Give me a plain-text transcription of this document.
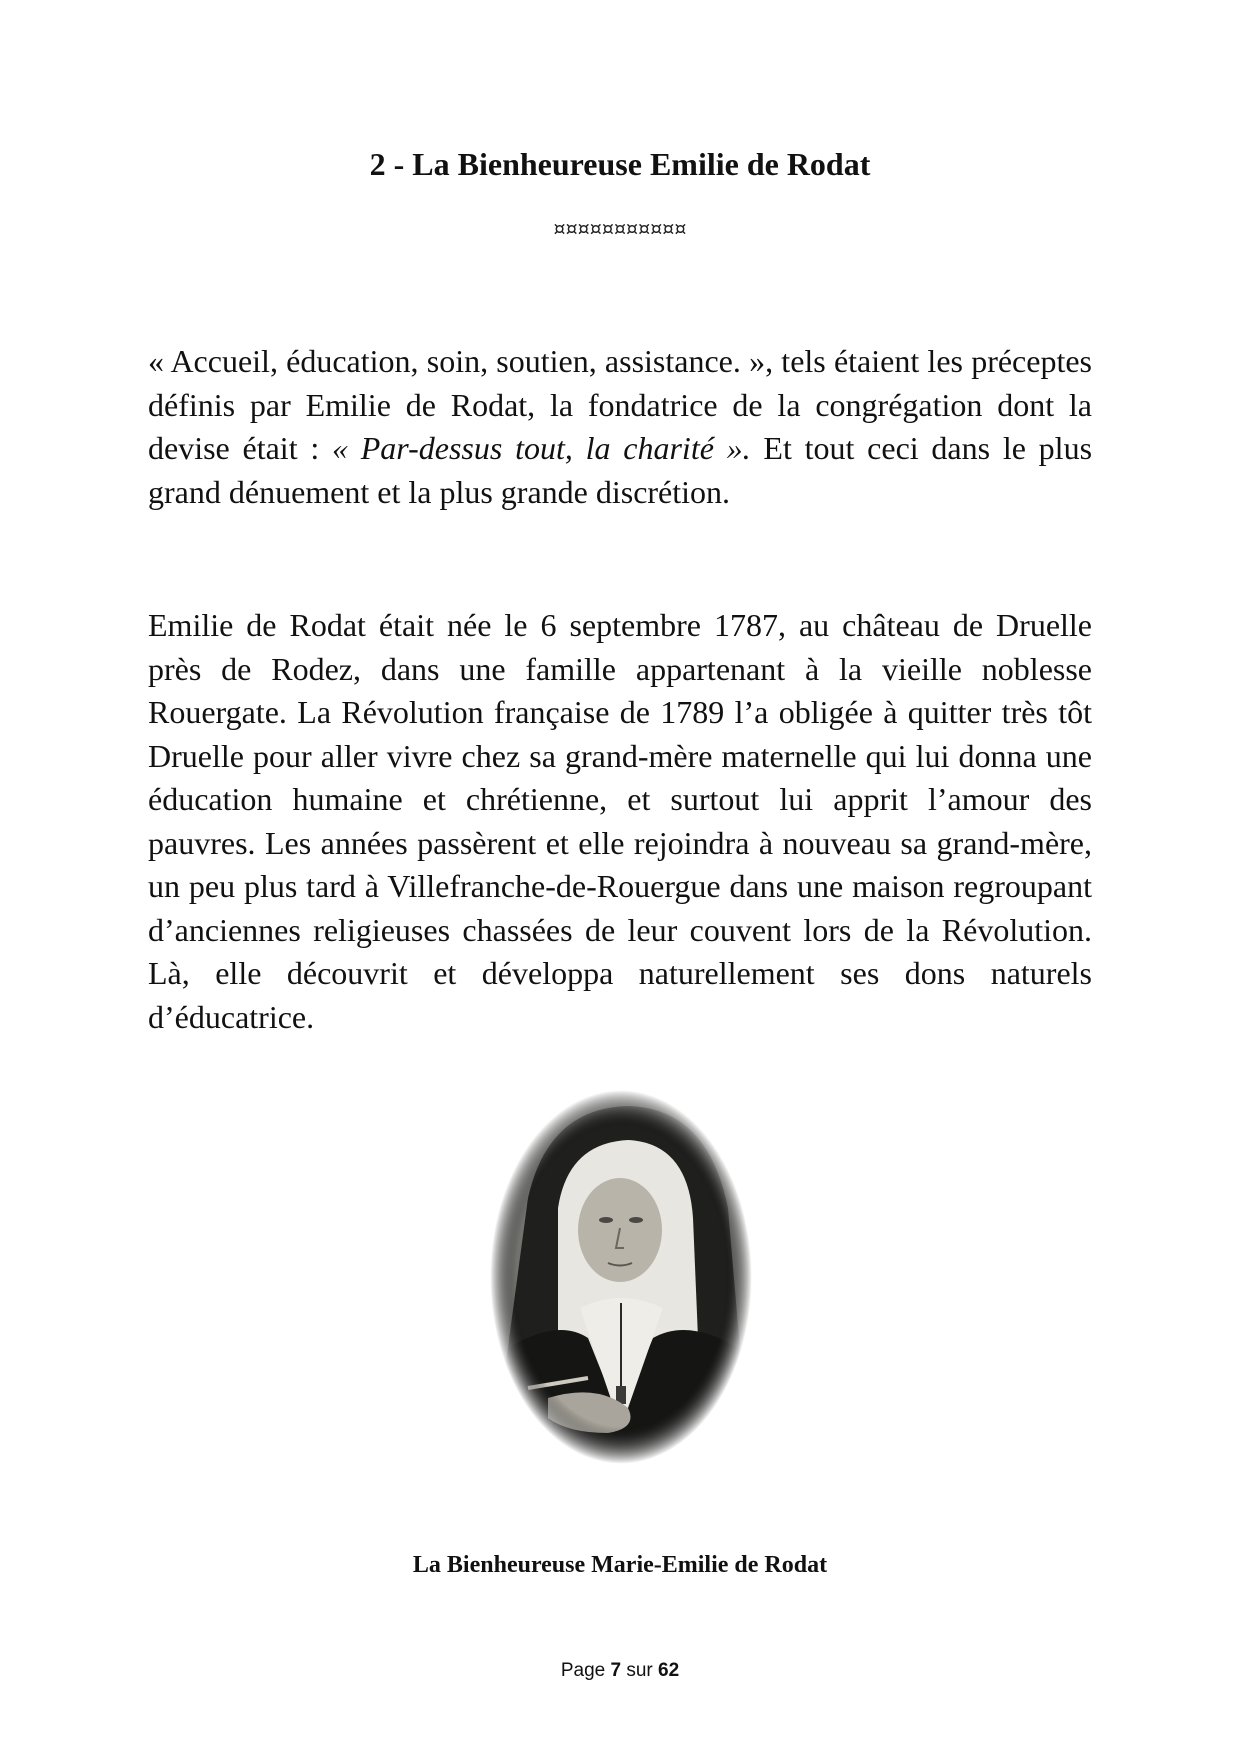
2 - La Bienheureuse Emilie de Rodat
¤¤¤¤¤¤¤¤¤¤¤

« Accueil, éducation, soin, soutien, assistance. », tels étaient les préceptes définis par Emilie de Rodat, la fondatrice de la congrégation dont la devise était : « Par-dessus tout, la charité ». Et tout ceci dans le plus grand dénuement et la plus grande discrétion.

Emilie de Rodat était née le 6 septembre 1787, au château de Druelle près de Rodez, dans une famille appartenant à la vieille noblesse Rouergate. La Révolution française de 1789 l’a obligée à quitter très tôt Druelle pour aller vivre chez sa grand-mère maternelle qui lui donna une éducation humaine et chrétienne, et surtout lui apprit l’amour des pauvres. Les années passèrent et elle rejoindra à nouveau sa grand-mère, un peu plus tard à Villefranche-de-Rouergue dans une maison regroupant d’anciennes religieuses chassées de leur couvent lors de la Révolution. Là, elle découvrit et développa naturellement ses dons naturels d’éducatrice.

La Bienheureuse Marie-Emilie de Rodat
Page 7 sur 62
